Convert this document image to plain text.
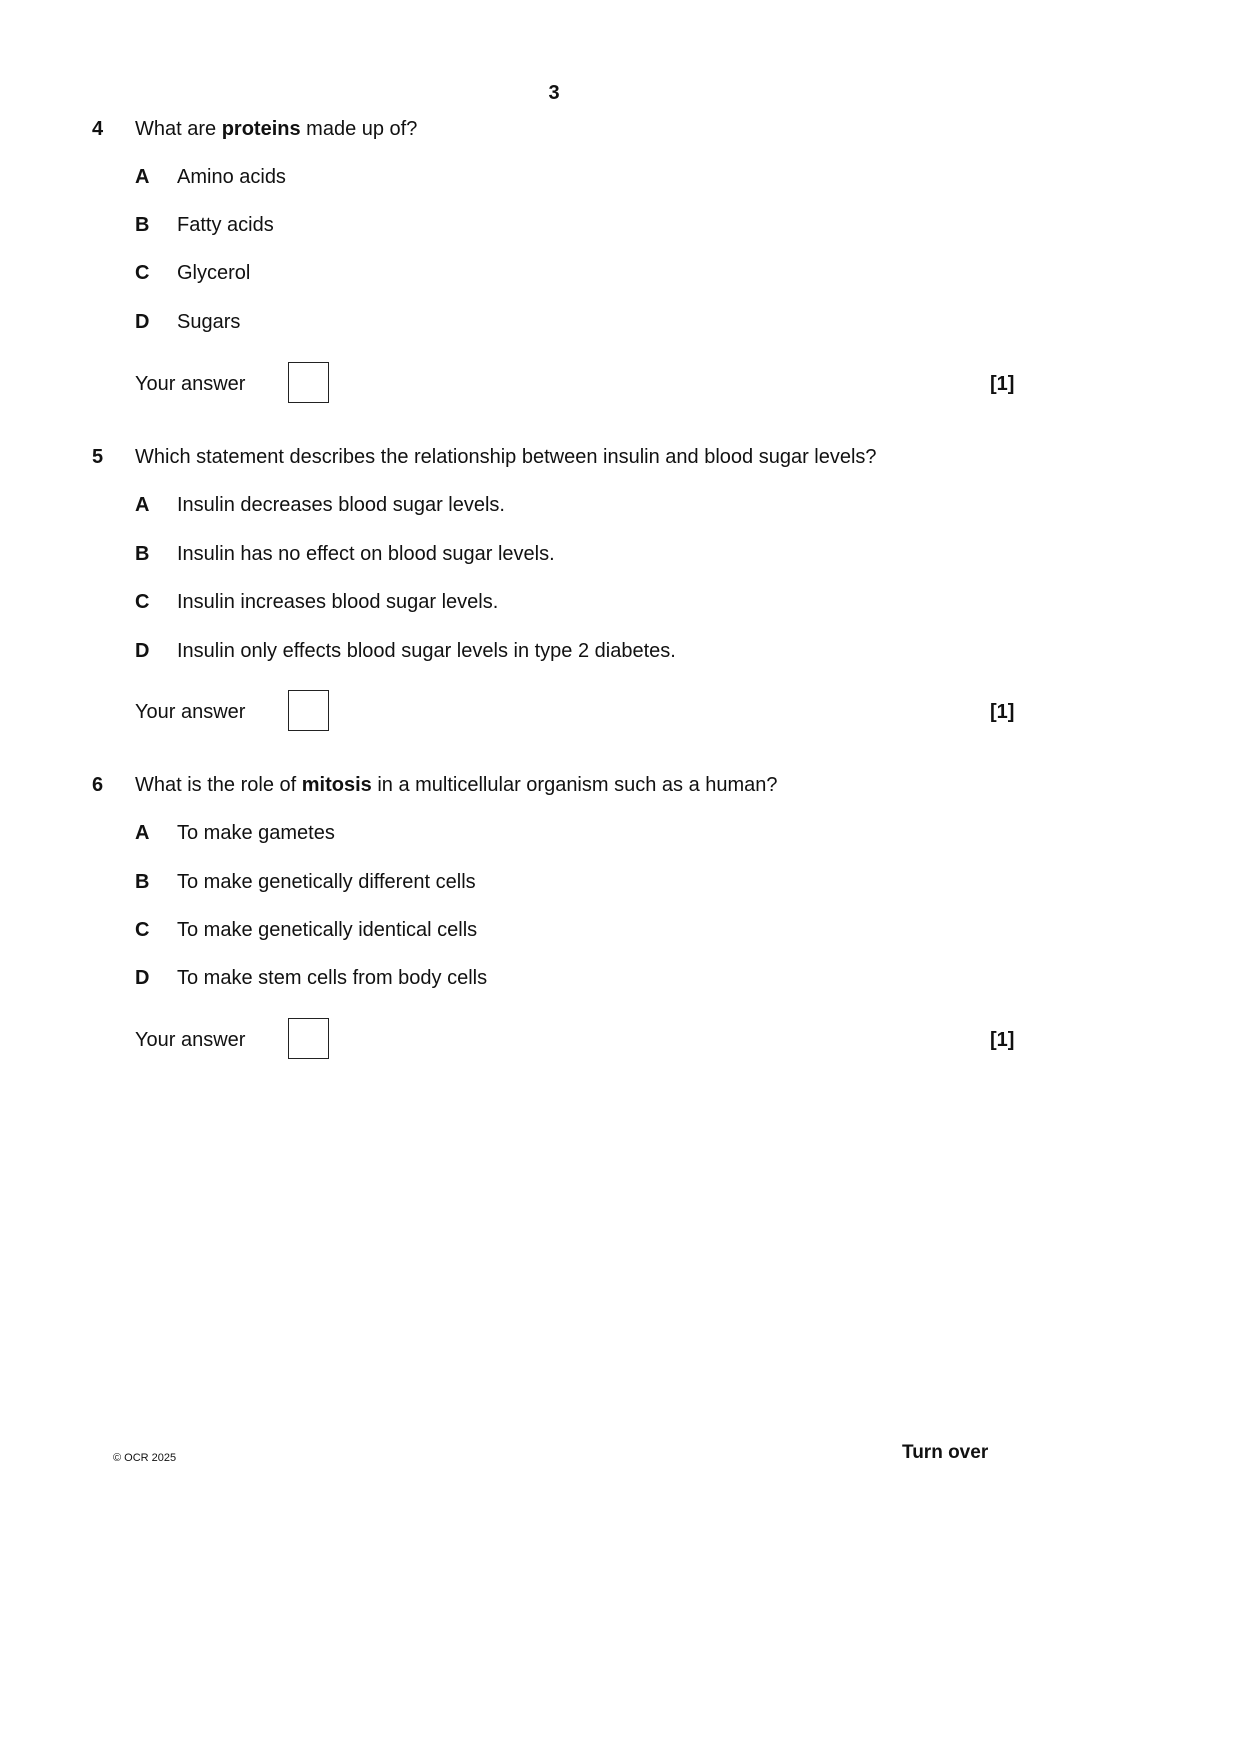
3
4 What are proteins made up of?
A Amino acids
B Fatty acids
C Glycerol
D Sugars
Your answer	[1]
5 Which statement describes the relationship between insulin and blood sugar levels?
A Insulin decreases blood sugar levels.
B Insulin has no effect on blood sugar levels.
C Insulin increases blood sugar levels.
D Insulin only effects blood sugar levels in type 2 diabetes.
Your answer	[1]
6 What is the role of mitosis in a multicellular organism such as a human?
A To make gametes
B To make genetically different cells
C To make genetically identical cells
D To make stem cells from body cells
Your answer	[1]
© OCR 2025	Turn over
